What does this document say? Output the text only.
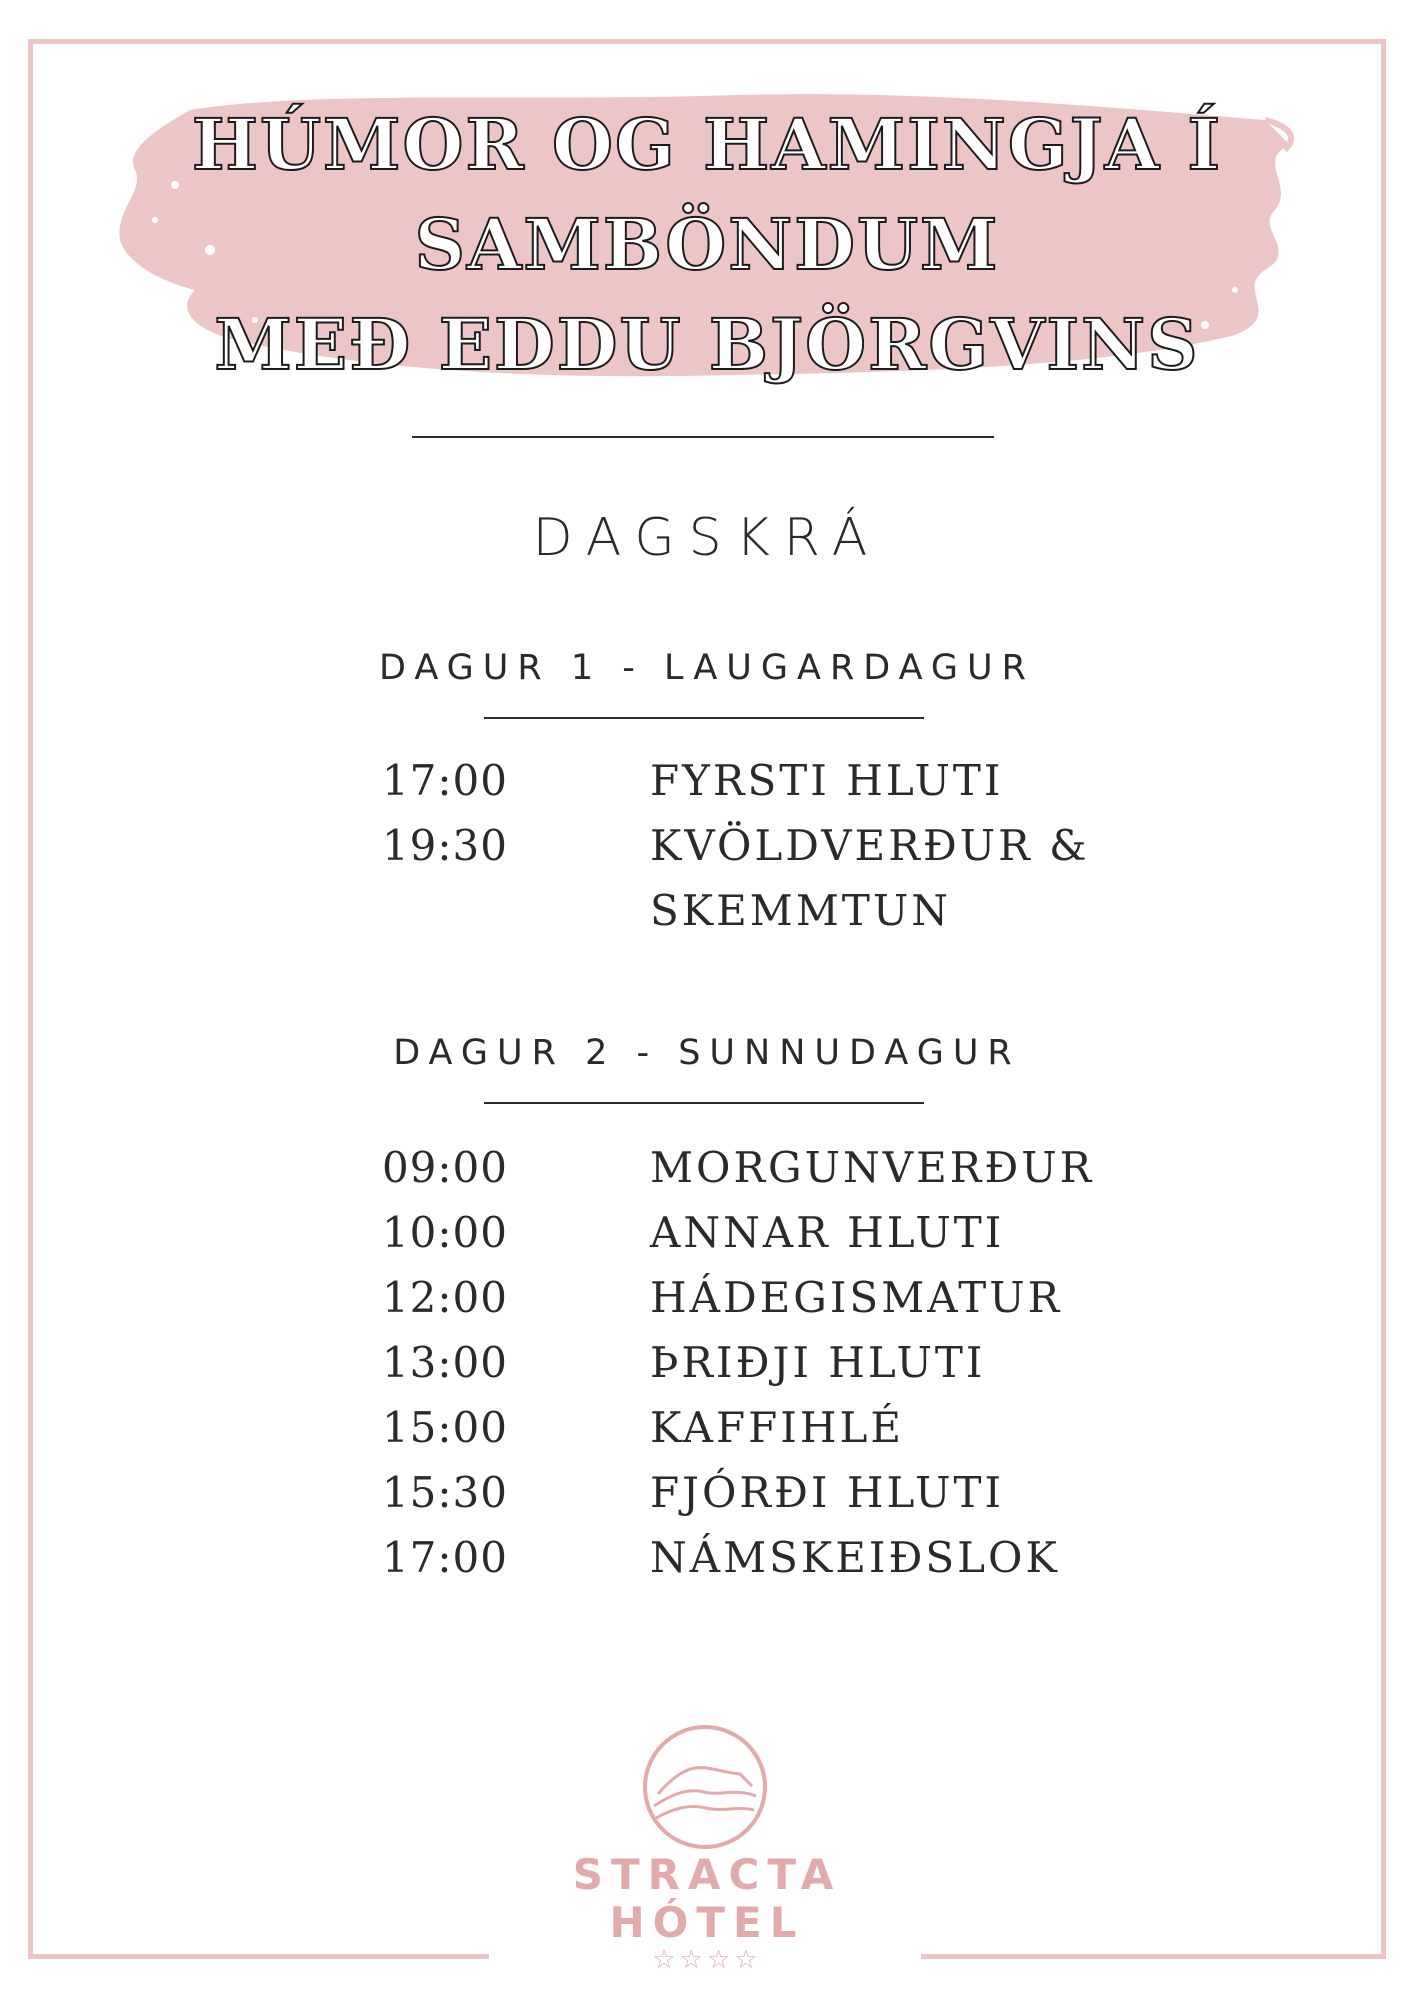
HÚMOR OG HAMINGJA Í
SAMBÖNDUM
MEÐ EDDU BJÖRGVINS
DAGSKRÁ
DAGUR 1 - LAUGARDAGUR
17:00	FYRSTI HLUTI
19:30	KVÖLDVERÐUR & SKEMMTUN
DAGUR 2 - SUNNUDAGUR
09:00	MORGUNVERÐUR
10:00	ANNAR HLUTI
12:00	HÁDEGISMATUR
13:00	ÞRIÐJI HLUTI
15:00	KAFFIHLÉ
15:30	FJÓRÐI HLUTI
17:00	NÁMSKEIÐSLOK
STRACTA
HÓTEL
☆☆☆☆
